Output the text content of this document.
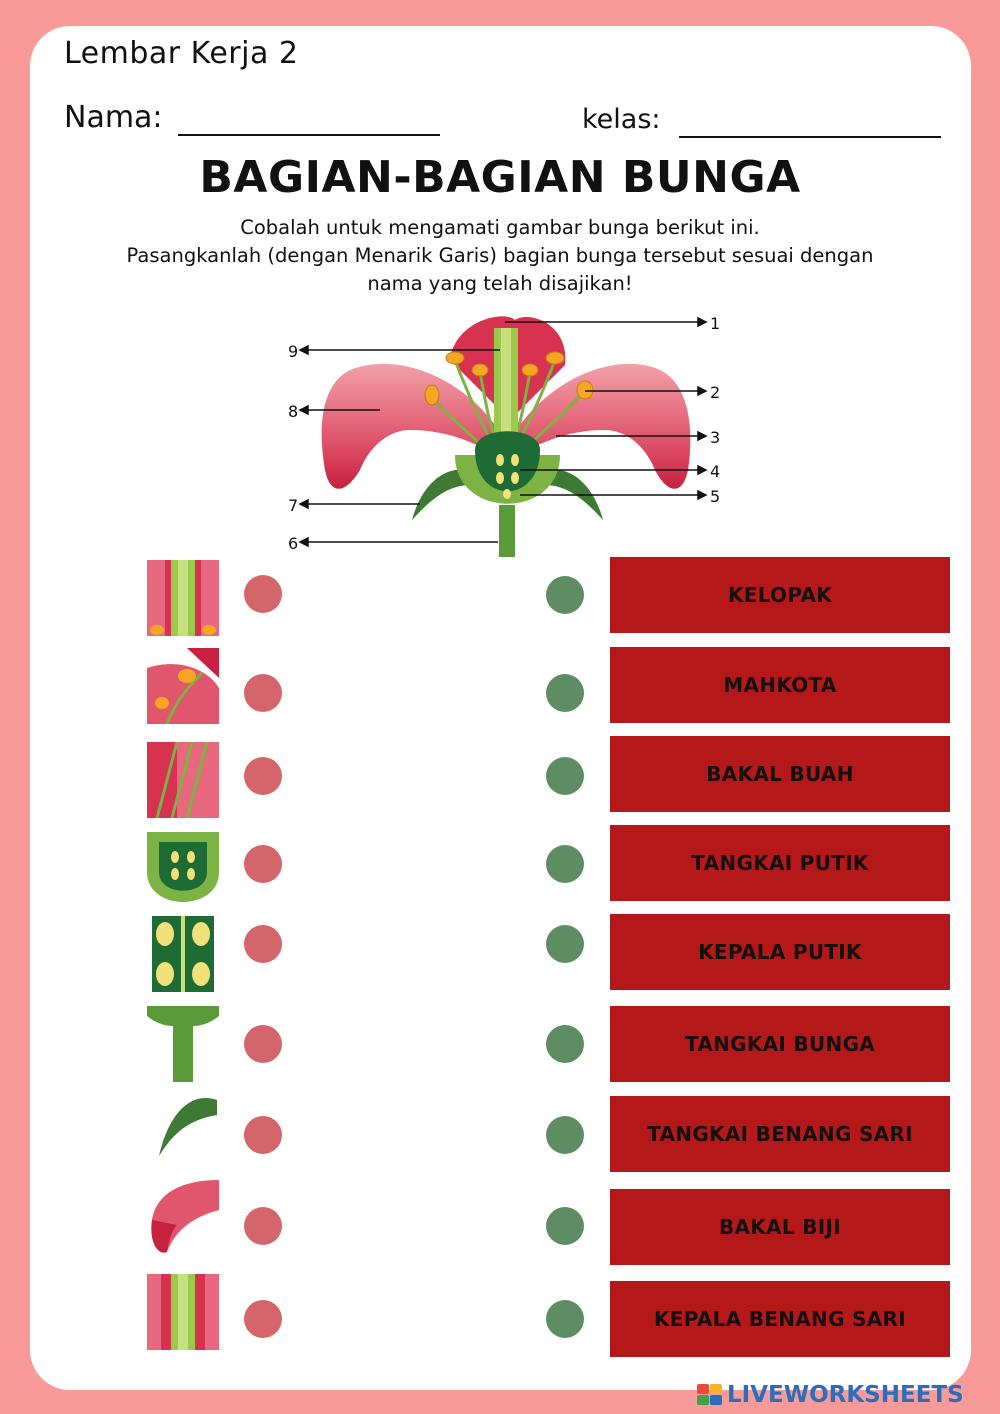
Lembar Kerja 2
Nama:	kelas:
BAGIAN-BAGIAN BUNGA
Cobalah untuk mengamati gambar bunga berikut ini.
Pasangkanlah (dengan Menarik Garis) bagian bunga tersebut sesuai dengan
nama yang telah disajikan!
1
2
3
4
5
6
7
8
9
KELOPAK
MAHKOTA
BAKAL BUAH
TANGKAI PUTIK
KEPALA PUTIK
TANGKAI BUNGA
TANGKAI BENANG SARI
BAKAL BIJI
KEPALA BENANG SARI
LIVEWORKSHEETS
